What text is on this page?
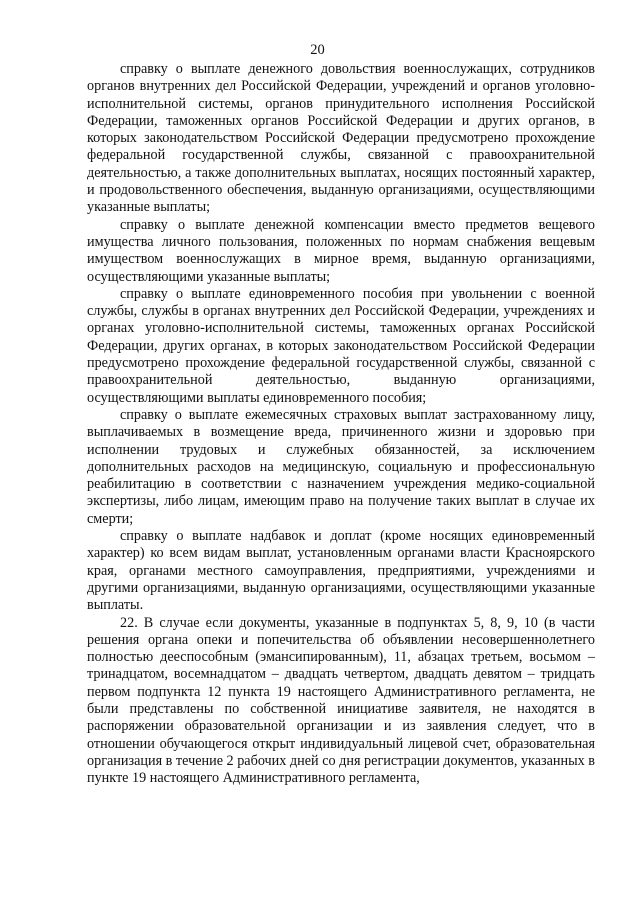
20

справку о выплате денежного довольствия военнослужащих, сотрудников органов внутренних дел Российской Федерации, учреждений и органов уголовно-исполнительной системы, органов принудительного исполнения Российской Федерации, таможенных органов Российской Федерации и других органов, в которых законодательством Российской Федерации предусмотрено прохождение федеральной государственной службы, связанной с правоохранительной деятельностью, а также дополнительных выплатах, носящих постоянный характер, и продовольственного обеспечения, выданную организациями, осуществляющими указанные выплаты;

справку о выплате денежной компенсации вместо предметов вещевого имущества личного пользования, положенных по нормам снабжения вещевым имуществом военнослужащих в мирное время, выданную организациями, осуществляющими указанные выплаты;

справку о выплате единовременного пособия при увольнении с военной службы, службы в органах внутренних дел Российской Федерации, учреждениях и органах уголовно-исполнительной системы, таможенных органах Российской Федерации, других органах, в которых законодательством Российской Федерации предусмотрено прохождение федеральной государственной службы, связанной с правоохранительной деятельностью, выданную организациями, осуществляющими выплаты единовременного пособия;

справку о выплате ежемесячных страховых выплат застрахованному лицу, выплачиваемых в возмещение вреда, причиненного жизни и здоровью при исполнении трудовых и служебных обязанностей, за исключением дополнительных расходов на медицинскую, социальную и профессиональную реабилитацию в соответствии с назначением учреждения медико-социальной экспертизы, либо лицам, имеющим право на получение таких выплат в случае их смерти;

справку о выплате надбавок и доплат (кроме носящих единовременный характер) ко всем видам выплат, установленным органами власти Красноярского края, органами местного самоуправления, предприятиями, учреждениями и другими организациями, выданную организациями, осуществляющими указанные выплаты.

22. В случае если документы, указанные в подпунктах 5, 8, 9, 10 (в части решения органа опеки и попечительства об объявлении несовершеннолетнего полностью дееспособным (эмансипированным), 11, абзацах третьем, восьмом – тринадцатом, восемнадцатом – двадцать четвертом, двадцать девятом – тридцать первом подпункта 12 пункта 19 настоящего Административного регламента, не были представлены по собственной инициативе заявителя, не находятся в распоряжении образовательной организации и из заявления следует, что в отношении обучающегося открыт индивидуальный лицевой счет, образовательная организация в течение 2 рабочих дней со дня регистрации документов, указанных в пункте 19 настоящего Административного регламента,
